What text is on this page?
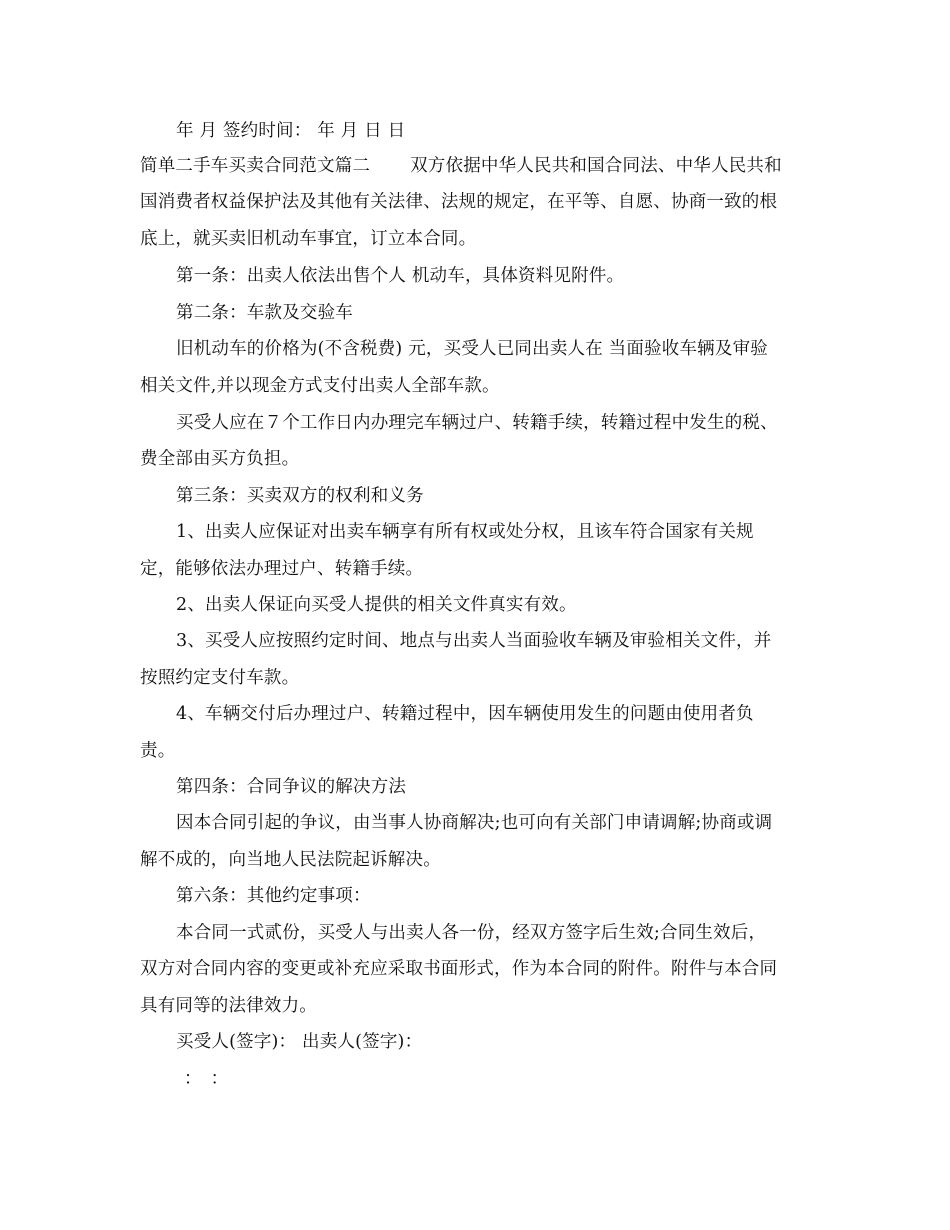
年 月 签约时间： 年 月 日 日
简单二手车买卖合同范文篇二 双方依据中华人民共和国合同法、中华人民共和
国消费者权益保护法及其他有关法律、法规的规定，在平等、自愿、协商一致的根
底上，就买卖旧机动车事宜，订立本合同。
第一条：出卖人依法出售个人 机动车，具体资料见附件。
第二条：车款及交验车
旧机动车的价格为(不含税费) 元，买受人已同出卖人在 当面验收车辆及审验
相关文件,并以现金方式支付出卖人全部车款。
买受人应在７个工作日内办理完车辆过户、转籍手续，转籍过程中发生的税、
费全部由买方负担。
第三条：买卖双方的权利和义务
1、出卖人应保证对出卖车辆享有所有权或处分权，且该车符合国家有关规
定，能够依法办理过户、转籍手续。
2、出卖人保证向买受人提供的相关文件真实有效。
3、买受人应按照约定时间、地点与出卖人当面验收车辆及审验相关文件，并
按照约定支付车款。
4、车辆交付后办理过户、转籍过程中，因车辆使用发生的问题由使用者负
责。
第四条：合同争议的解决方法
因本合同引起的争议，由当事人协商解决;也可向有关部门申请调解;协商或调
解不成的，向当地人民法院起诉解决。
第六条：其他约定事项：
本合同一式贰份，买受人与出卖人各一份，经双方签字后生效;合同生效后，
双方对合同内容的变更或补充应采取书面形式，作为本合同的附件。附件与本合同
具有同等的法律效力。
买受人(签字)： 出卖人(签字)：
：　：
